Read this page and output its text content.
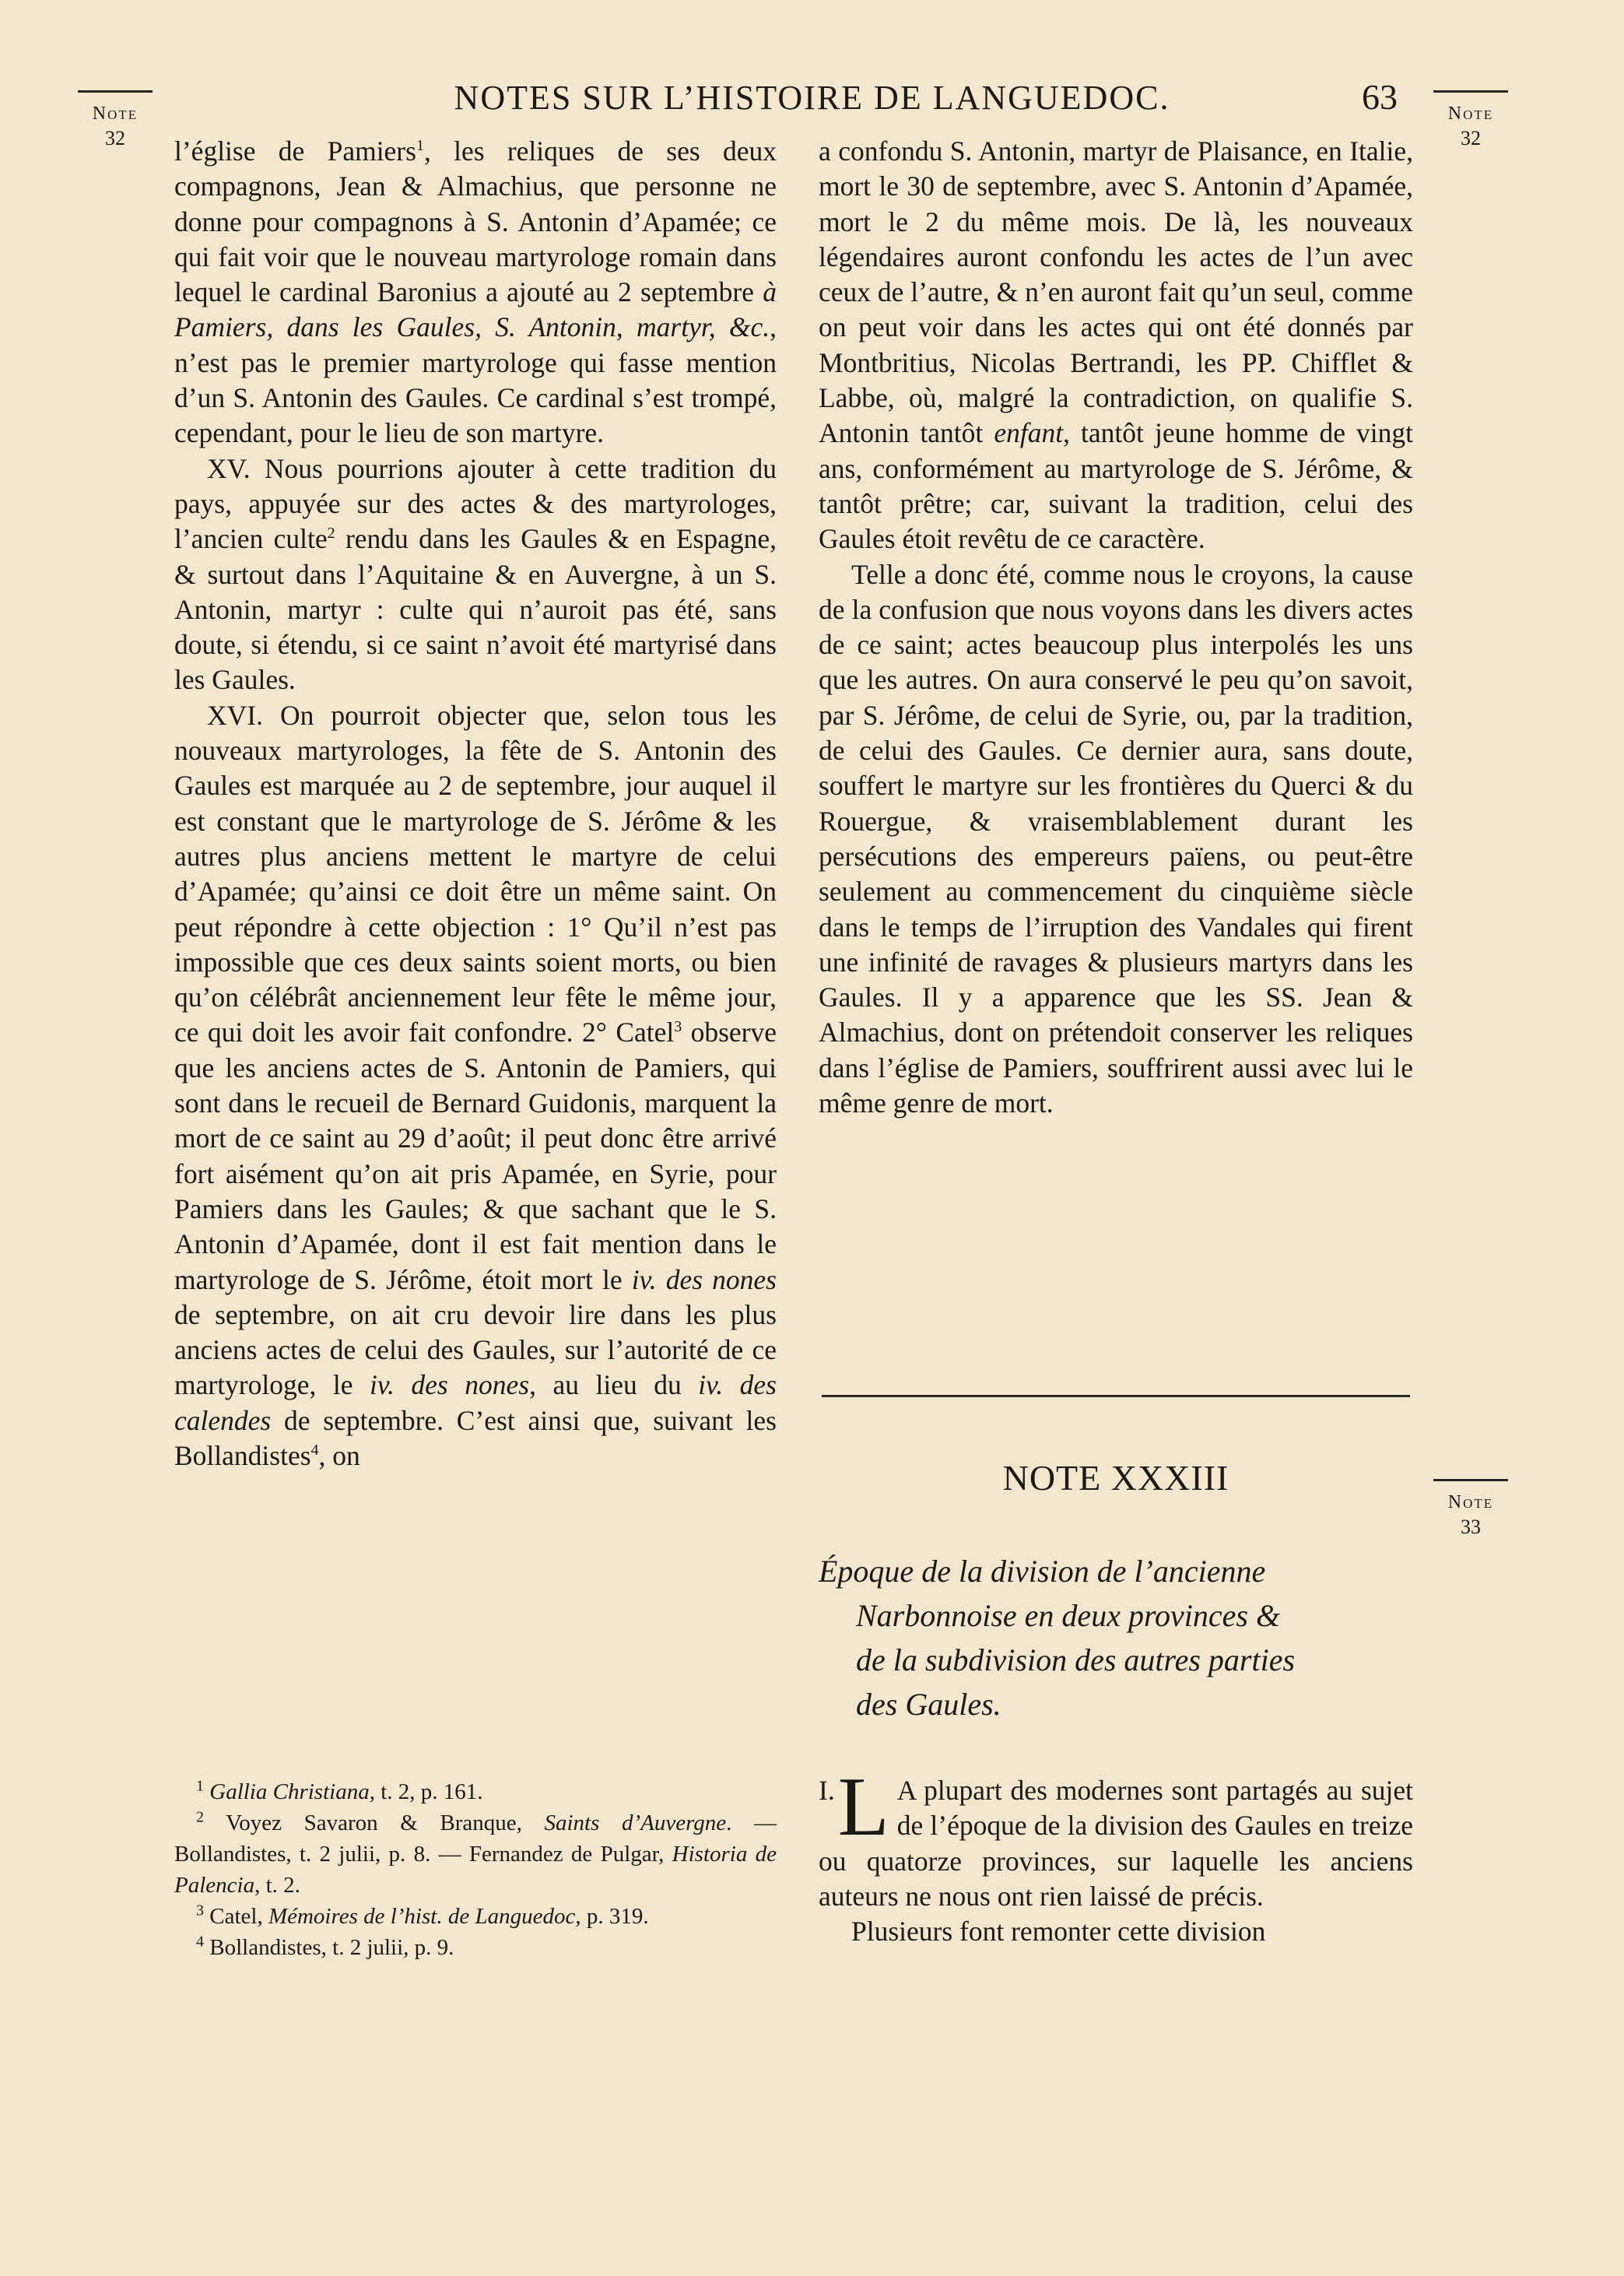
NOTES SUR L’HISTOIRE DE LANGUEDOC.	63
Note
32
Note
32
Note
33

l’église de Pamiers$^1$, les reliques de ses deux compagnons, Jean & Almachius, que personne ne donne pour compagnons à S. Antonin d’Apamée; ce qui fait voir que le nouveau martyrologe romain dans lequel le cardinal Baronius a ajouté au 2 septembre à Pamiers, dans les Gaules, S. Antonin, martyr, &c., n’est pas le premier martyrologe qui fasse mention d’un S. Antonin des Gaules. Ce cardinal s’est trompé, cependant, pour le lieu de son martyre.

XV. Nous pourrions ajouter à cette tradition du pays, appuyée sur des actes & des martyrologes, l’ancien culte$^2$ rendu dans les Gaules & en Espagne, & surtout dans l’Aquitaine & en Auvergne, à un S. Antonin, martyr : culte qui n’auroit pas été, sans doute, si étendu, si ce saint n’avoit été martyrisé dans les Gaules.

XVI. On pourroit objecter que, selon tous les nouveaux martyrologes, la fête de S. Antonin des Gaules est marquée au 2 de septembre, jour auquel il est constant que le martyrologe de S. Jérôme & les autres plus anciens mettent le martyre de celui d’Apamée; qu’ainsi ce doit être un même saint. On peut répondre à cette objection : 1° Qu’il n’est pas impossible que ces deux saints soient morts, ou bien qu’on célébrât anciennement leur fête le même jour, ce qui doit les avoir fait confondre. 2° Catel$^3$ observe que les anciens actes de S. Antonin de Pamiers, qui sont dans le recueil de Bernard Guidonis, marquent la mort de ce saint au 29 d’août; il peut donc être arrivé fort aisément qu’on ait pris Apamée, en Syrie, pour Pamiers dans les Gaules; & que sachant que le S. Antonin d’Apamée, dont il est fait mention dans le martyrologe de S. Jérôme, étoit mort le iv. des nones de septembre, on ait cru devoir lire dans les plus anciens actes de celui des Gaules, sur l’autorité de ce martyrologe, le iv. des nones, au lieu du iv. des calendes de septembre. C’est ainsi que, suivant les Bollandistes$^4$, on

$^1$ Gallia Christiana, t. 2, p. 161.

$^2$ Voyez Savaron & Branque, Saints d’Auvergne. — Bollandistes, t. 2 julii, p. 8. — Fernandez de Pulgar, Historia de Palencia, t. 2.

$^3$ Catel, Mémoires de l’hist. de Languedoc, p. 319.

$^4$ Bollandistes, t. 2 julii, p. 9.

a confondu S. Antonin, martyr de Plaisance, en Italie, mort le 30 de septembre, avec S. Antonin d’Apamée, mort le 2 du même mois. De là, les nouveaux légendaires auront confondu les actes de l’un avec ceux de l’autre, & n’en auront fait qu’un seul, comme on peut voir dans les actes qui ont été donnés par Montbritius, Nicolas Bertrandi, les PP. Chifflet & Labbe, où, malgré la contradiction, on qualifie S. Antonin tantôt enfant, tantôt jeune homme de vingt ans, conformément au martyrologe de S. Jérôme, & tantôt prêtre; car, suivant la tradition, celui des Gaules étoit revêtu de ce caractère.

Telle a donc été, comme nous le croyons, la cause de la confusion que nous voyons dans les divers actes de ce saint; actes beaucoup plus interpolés les uns que les autres. On aura conservé le peu qu’on savoit, par S. Jérôme, de celui de Syrie, ou, par la tradition, de celui des Gaules. Ce dernier aura, sans doute, souffert le martyre sur les frontières du Querci & du Rouergue, & vraisemblablement durant les persécutions des empereurs païens, ou peut-être seulement au commencement du cinquième siècle dans le temps de l’irruption des Vandales qui firent une infinité de ravages & plusieurs martyrs dans les Gaules. Il y a apparence que les SS. Jean & Almachius, dont on prétendoit conserver les reliques dans l’église de Pamiers, souffrirent aussi avec lui le même genre de mort.

NOTE XXXIII
Époque de la division de l’ancienne
Narbonnoise en deux provinces &
de la subdivision des autres parties
des Gaules.

I. L A plupart des modernes sont partagés au sujet de l’époque de la division des Gaules en treize ou quatorze provinces, sur laquelle les anciens auteurs ne nous ont rien laissé de précis.

Plusieurs font remonter cette division
